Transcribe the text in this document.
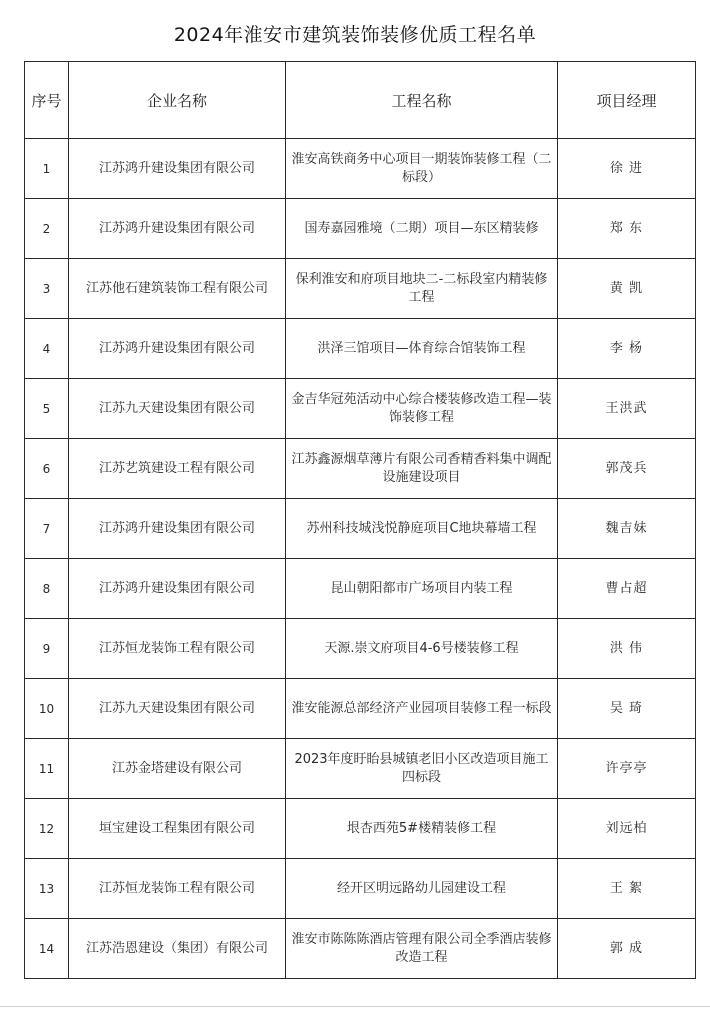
2024年淮安市建筑装饰装修优质工程名单
序号	企业名称	工程名称	项目经理
1	江苏鸿升建设集团有限公司	淮安高铁商务中心项目一期装饰装修工程（二标段）	徐 进
2	江苏鸿升建设集团有限公司	国寿嘉园雅境（二期）项目—东区精装修	郑 东
3	江苏他石建筑装饰工程有限公司	保利淮安和府项目地块二-二标段室内精装修工程	黄 凯
4	江苏鸿升建设集团有限公司	洪泽三馆项目—体育综合馆装饰工程	李 杨
5	江苏九天建设集团有限公司	金吉华冠苑活动中心综合楼装修改造工程—装饰装修工程	王洪武
6	江苏艺筑建设工程有限公司	江苏鑫源烟草薄片有限公司香精香料集中调配设施建设项目	郭茂兵
7	江苏鸿升建设集团有限公司	苏州科技城浅悦静庭项目C地块幕墙工程	魏吉妹
8	江苏鸿升建设集团有限公司	昆山朝阳都市广场项目内装工程	曹占超
9	江苏恒龙装饰工程有限公司	天源.崇文府项目4-6号楼装修工程	洪 伟
10	江苏九天建设集团有限公司	淮安能源总部经济产业园项目装修工程一标段	吴 琦
11	江苏金塔建设有限公司	2023年度盱眙县城镇老旧小区改造项目施工四标段	许亭亭
12	垣宝建设工程集团有限公司	垠杏西苑5#楼精装修工程	刘远柏
13	江苏恒龙装饰工程有限公司	经开区明远路幼儿园建设工程	王 絮
14	江苏浩恩建设（集团）有限公司	淮安市陈陈陈酒店管理有限公司全季酒店装修改造工程	郭 成
